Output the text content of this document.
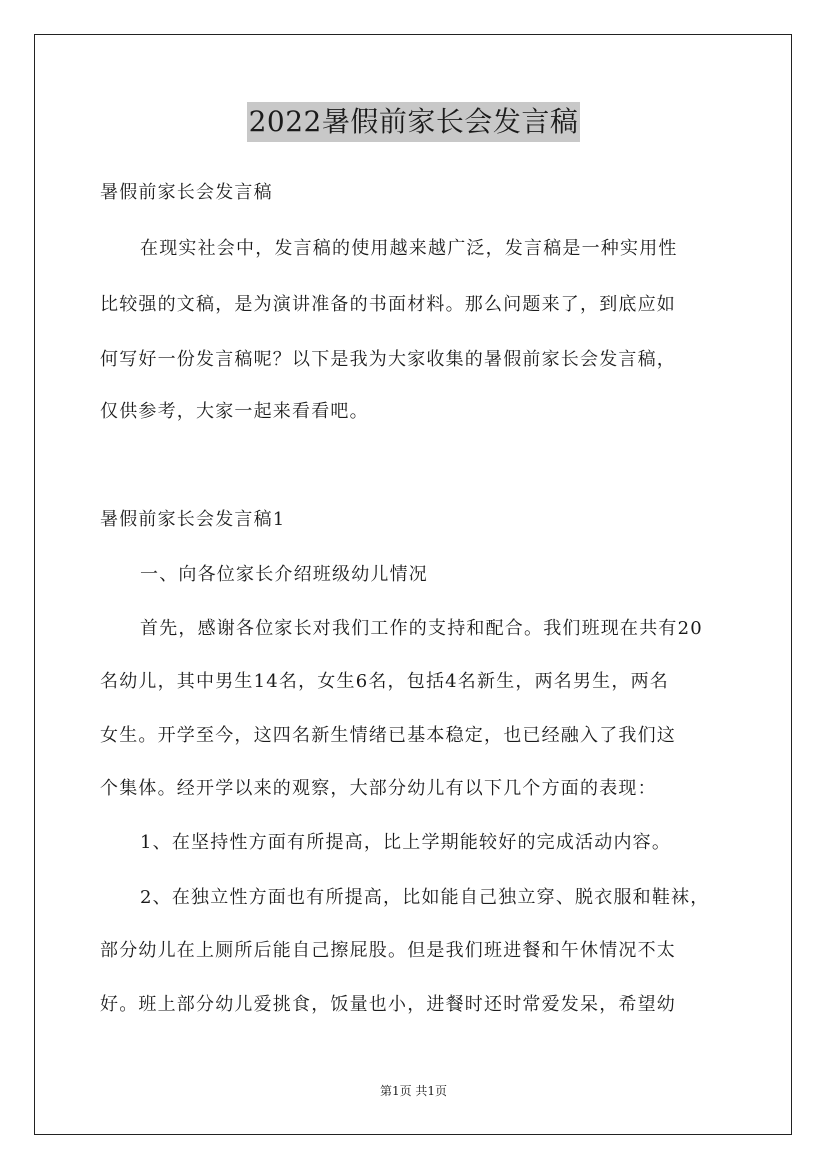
2022暑假前家长会发言稿
暑假前家长会发言稿
在现实社会中，发言稿的使用越来越广泛，发言稿是一种实用性
比较强的文稿，是为演讲准备的书面材料。那么问题来了，到底应如
何写好一份发言稿呢？以下是我为大家收集的暑假前家长会发言稿，
仅供参考，大家一起来看看吧。
暑假前家长会发言稿1
一、向各位家长介绍班级幼儿情况
首先，感谢各位家长对我们工作的支持和配合。我们班现在共有20
名幼儿，其中男生14名，女生6名，包括4名新生，两名男生，两名
女生。开学至今，这四名新生情绪已基本稳定，也已经融入了我们这
个集体。经开学以来的观察，大部分幼儿有以下几个方面的表现：
1、在坚持性方面有所提高，比上学期能较好的完成活动内容。
2、在独立性方面也有所提高，比如能自己独立穿、脱衣服和鞋袜，
部分幼儿在上厕所后能自己擦屁股。但是我们班进餐和午休情况不太
好。班上部分幼儿爱挑食，饭量也小，进餐时还时常爱发呆，希望幼
第1页 共1页
